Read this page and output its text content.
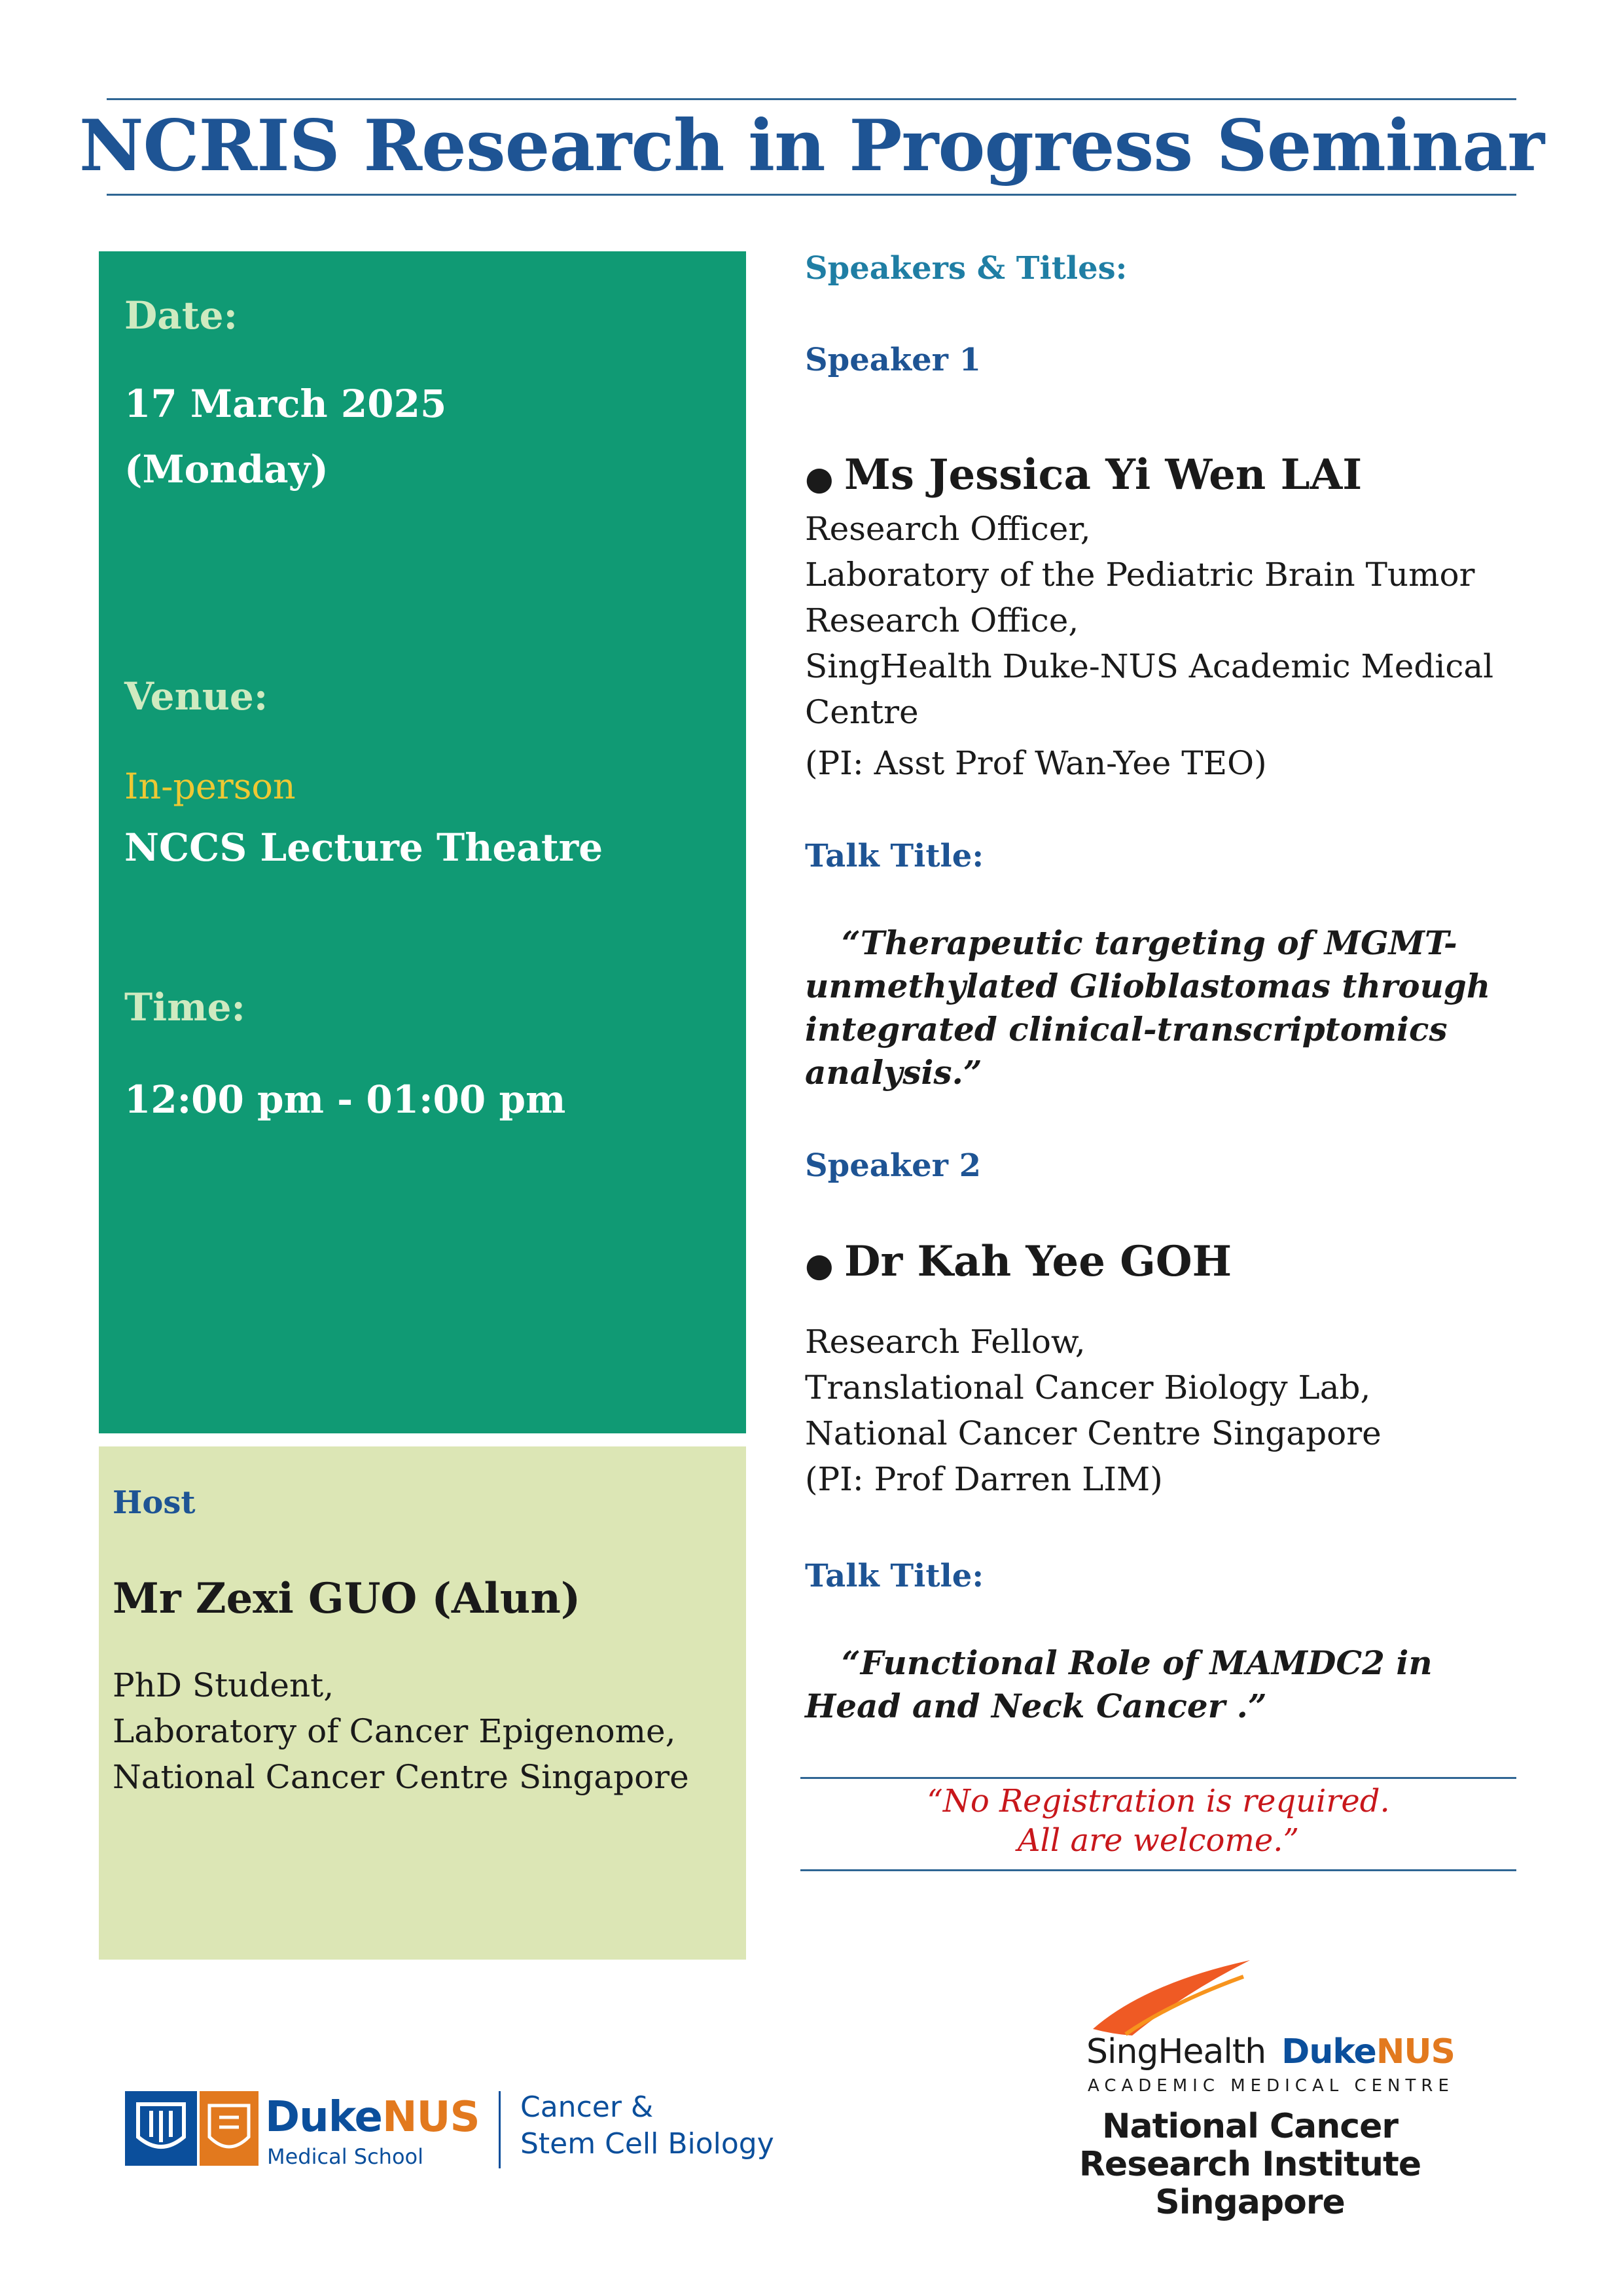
NCRIS Research in Progress Seminar
Date:
17 March 2025
(Monday)
Venue:
In-person
NCCS Lecture Theatre
Time:
12:00 pm - 01:00 pm
Host
Mr Zexi GUO (Alun)
PhD Student,
Laboratory of Cancer Epigenome,
National Cancer Centre Singapore
Speakers & Titles:
Speaker 1
● Ms Jessica Yi Wen LAI
Research Officer,
Laboratory of the Pediatric Brain Tumor
Research Office,
SingHealth Duke-NUS Academic Medical
Centre
(PI: Asst Prof Wan-Yee TEO)
Talk Title:
“Therapeutic targeting of MGMT-unmethylated Glioblastomas through integrated clinical-transcriptomics analysis.”
Speaker 2
● Dr Kah Yee GOH
Research Fellow,
Translational Cancer Biology Lab,
National Cancer Centre Singapore
(PI: Prof Darren LIM)
Talk Title:
“Functional Role of MAMDC2 in Head and Neck Cancer .”
“No Registration is required.
All are welcome.”
DukeNUS
Medical School
Cancer &
Stem Cell Biology
SingHealth DukeNUS
ACADEMIC MEDICAL CENTRE
National Cancer
Research Institute Singapore
